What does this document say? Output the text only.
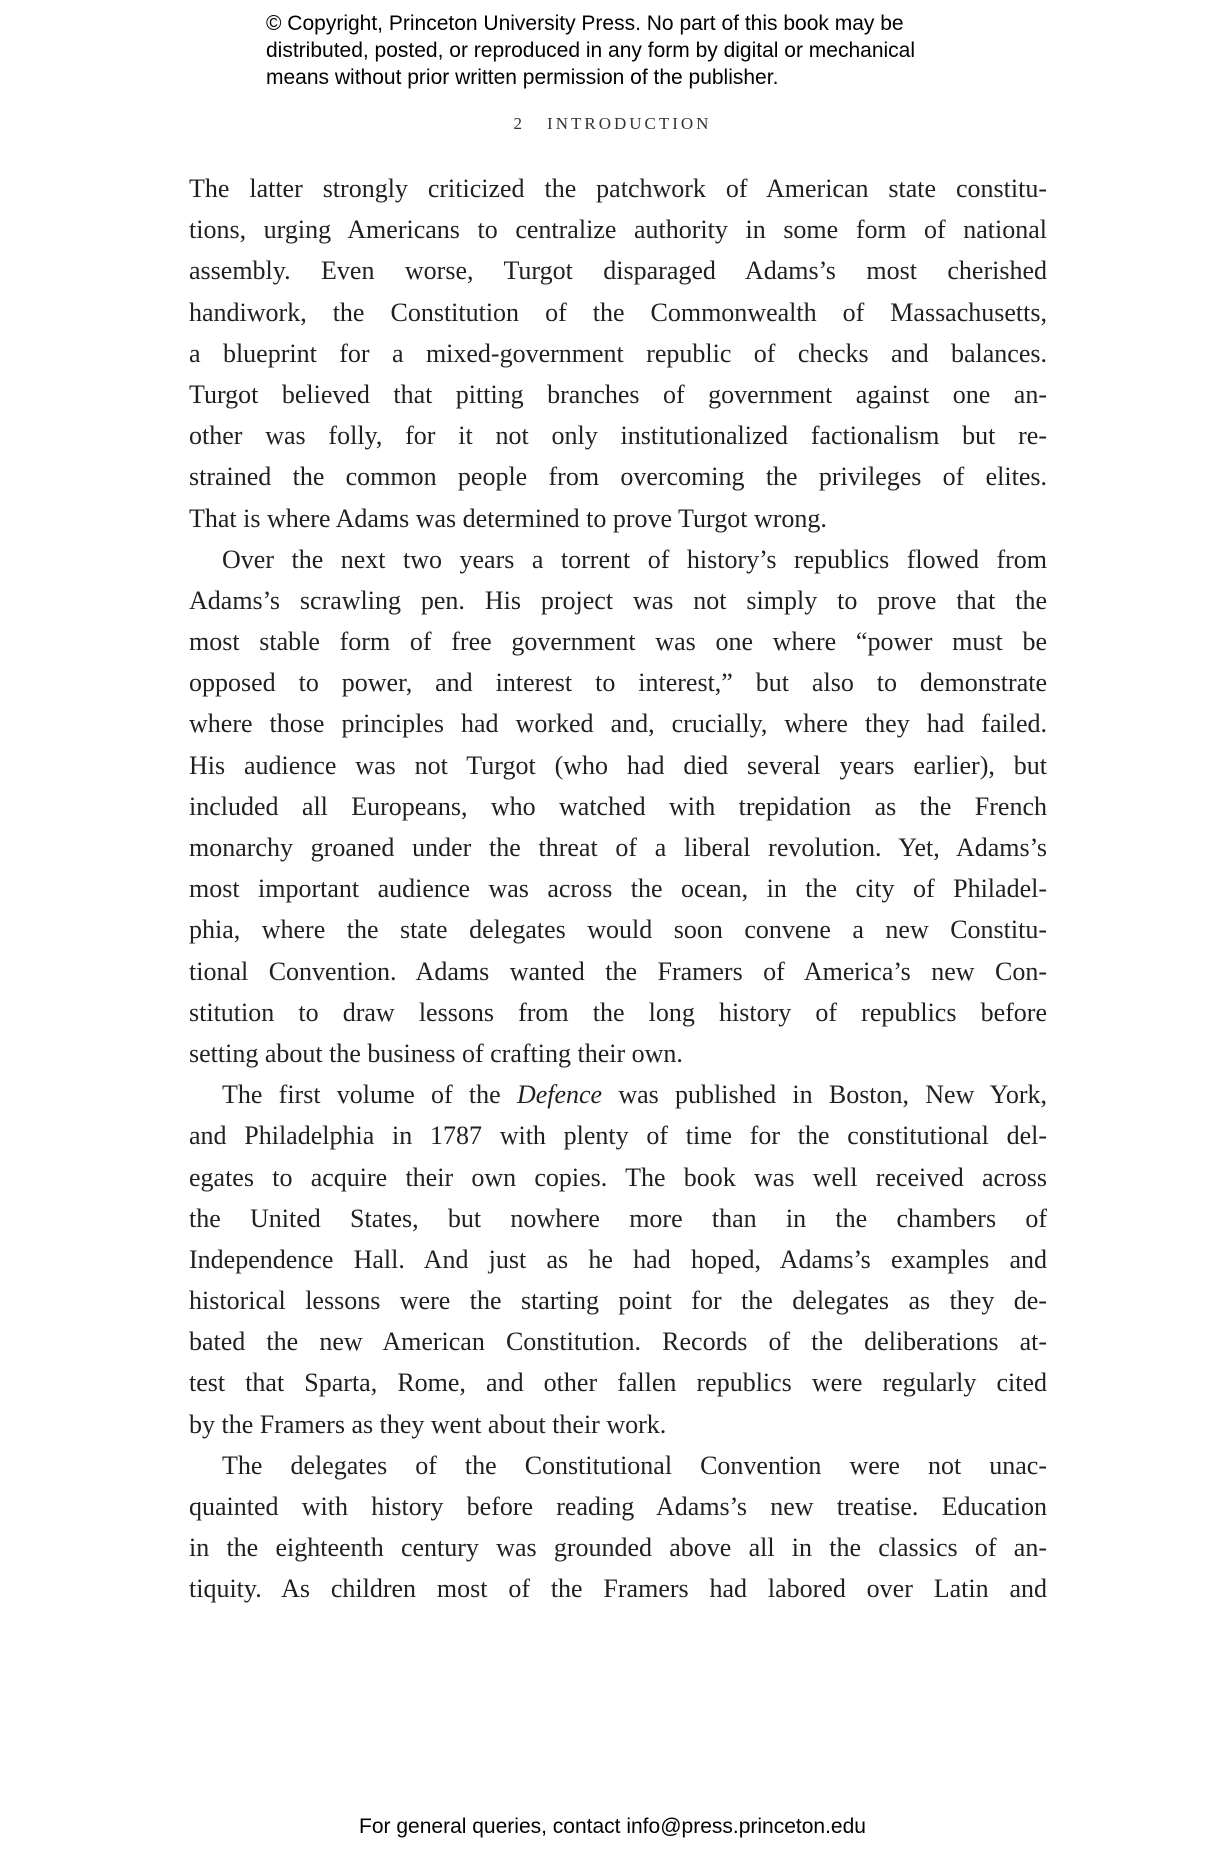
© Copyright, Princeton University Press. No part of this book may be
distributed, posted, or reproduced in any form by digital or mechanical
means without prior written permission of the publisher.
2 INTRODUCTION
The latter strongly criticized the patchwork of American state constitu-
tions, urging Americans to centralize authority in some form of national
assembly. Even worse, Turgot disparaged Adams’s most cherished
handiwork, the Constitution of the Commonwealth of Massachusetts,
a blueprint for a mixed-government republic of checks and balances.
Turgot believed that pitting branches of government against one an-
other was folly, for it not only institutionalized factionalism but re-
strained the common people from overcoming the privileges of elites.
That is where Adams was determined to prove Turgot wrong.
Over the next two years a torrent of history’s republics flowed from
Adams’s scrawling pen. His project was not simply to prove that the
most stable form of free government was one where “power must be
opposed to power, and interest to interest,” but also to demonstrate
where those principles had worked and, crucially, where they had failed.
His audience was not Turgot (who had died several years earlier), but
included all Europeans, who watched with trepidation as the French
monarchy groaned under the threat of a liberal revolution. Yet, Adams’s
most important audience was across the ocean, in the city of Philadel-
phia, where the state delegates would soon convene a new Constitu-
tional Convention. Adams wanted the Framers of America’s new Con-
stitution to draw lessons from the long history of republics before
setting about the business of crafting their own.
The first volume of the Defence was published in Boston, New York,
and Philadelphia in 1787 with plenty of time for the constitutional del-
egates to acquire their own copies. The book was well received across
the United States, but nowhere more than in the chambers of
Independence Hall. And just as he had hoped, Adams’s examples and
historical lessons were the starting point for the delegates as they de-
bated the new American Constitution. Records of the deliberations at-
test that Sparta, Rome, and other fallen republics were regularly cited
by the Framers as they went about their work.
The delegates of the Constitutional Convention were not unac-
quainted with history before reading Adams’s new treatise. Education
in the eighteenth century was grounded above all in the classics of an-
tiquity. As children most of the Framers had labored over Latin and
For general queries, contact info@press.princeton.edu
